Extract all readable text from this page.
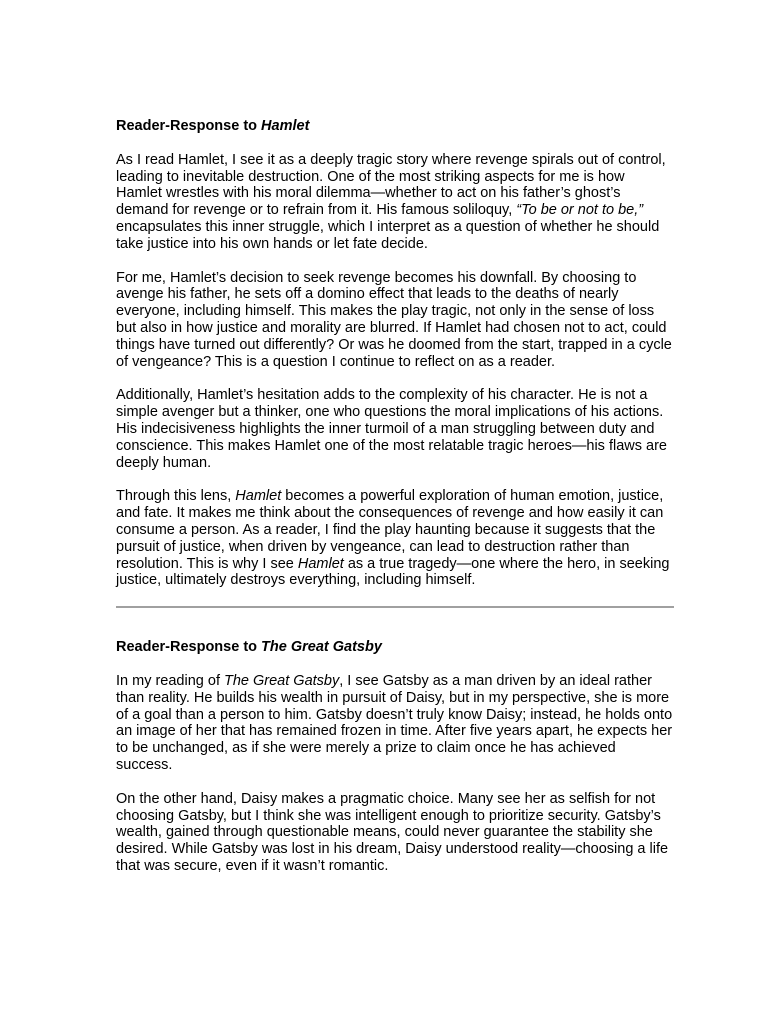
Reader-Response to Hamlet

As I read Hamlet, I see it as a deeply tragic story where revenge spirals out of control, leading to inevitable destruction. One of the most striking aspects for me is how Hamlet wrestles with his moral dilemma—whether to act on his father’s ghost’s demand for revenge or to refrain from it. His famous soliloquy, “To be or not to be,” encapsulates this inner struggle, which I interpret as a question of whether he should take justice into his own hands or let fate decide.

For me, Hamlet’s decision to seek revenge becomes his downfall. By choosing to avenge his father, he sets off a domino effect that leads to the deaths of nearly everyone, including himself. This makes the play tragic, not only in the sense of loss but also in how justice and morality are blurred. If Hamlet had chosen not to act, could things have turned out differently? Or was he doomed from the start, trapped in a cycle of vengeance? This is a question I continue to reflect on as a reader.

Additionally, Hamlet’s hesitation adds to the complexity of his character. He is not a simple avenger but a thinker, one who questions the moral implications of his actions. His indecisiveness highlights the inner turmoil of a man struggling between duty and conscience. This makes Hamlet one of the most relatable tragic heroes—his flaws are deeply human.

Through this lens, Hamlet becomes a powerful exploration of human emotion, justice, and fate. It makes me think about the consequences of revenge and how easily it can consume a person. As a reader, I find the play haunting because it suggests that the pursuit of justice, when driven by vengeance, can lead to destruction rather than resolution. This is why I see Hamlet as a true tragedy—one where the hero, in seeking justice, ultimately destroys everything, including himself.

Reader-Response to The Great Gatsby

In my reading of The Great Gatsby, I see Gatsby as a man driven by an ideal rather than reality. He builds his wealth in pursuit of Daisy, but in my perspective, she is more of a goal than a person to him. Gatsby doesn’t truly know Daisy; instead, he holds onto an image of her that has remained frozen in time. After five years apart, he expects her to be unchanged, as if she were merely a prize to claim once he has achieved success.

On the other hand, Daisy makes a pragmatic choice. Many see her as selfish for not choosing Gatsby, but I think she was intelligent enough to prioritize security. Gatsby’s wealth, gained through questionable means, could never guarantee the stability she desired. While Gatsby was lost in his dream, Daisy understood reality—choosing a life that was secure, even if it wasn’t romantic.
